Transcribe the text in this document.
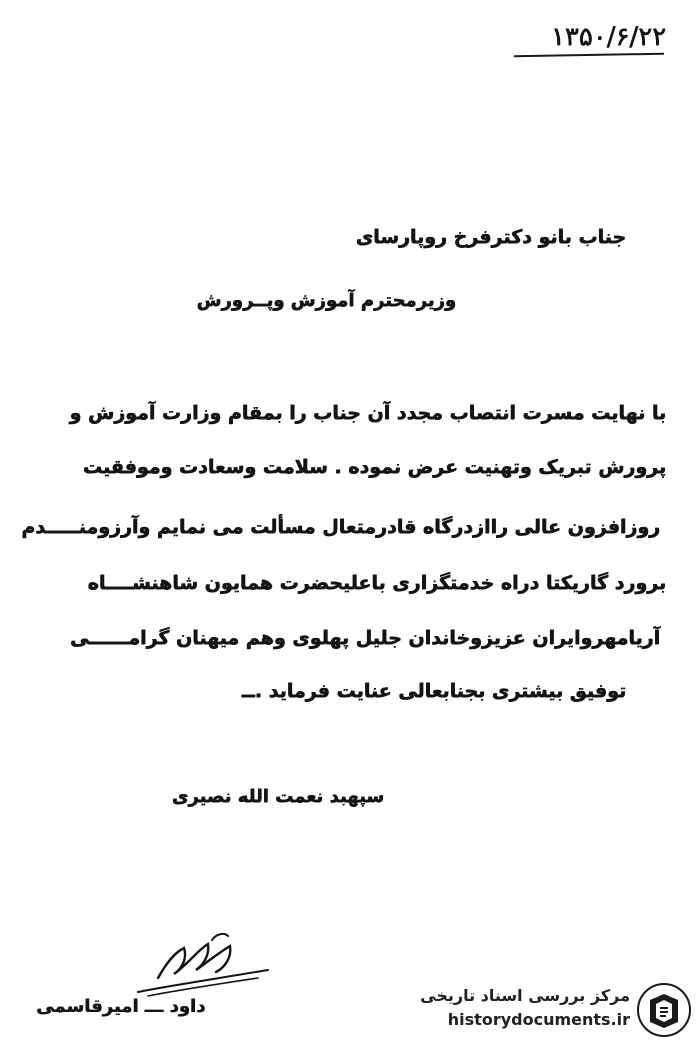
۱۳۵۰/۶/۲۲
جناب بانو دکترفرخ روپارسای
وزیرمحترم آموزش وپــرورش
با نهایت مسرت انتصاب مجدد آن جناب را بمقام وزارت آموزش و
پرورش تبریک وتهنیت عرض نموده . سلامت وسعادت وموفقیت
روزافزون عالی راازدرگاه قادرمتعال مسألت می نمایم وآرزومنـــــدم
برورد گاریکتا دراه خدمتگزاری باعلیحضرت همایون شاهنشــــاه
آریامهروایران عزیزوخاندان جلیل پهلوی وهم میهنان گرامــــــی
توفیق بیشتری بجنابعالی عنایت فرماید .ــ
سپهبد نعمت الله نصیری
داود ـــ امیرقاسمی
مرکز بررسی اسناد تاریخی
historydocuments.ir
